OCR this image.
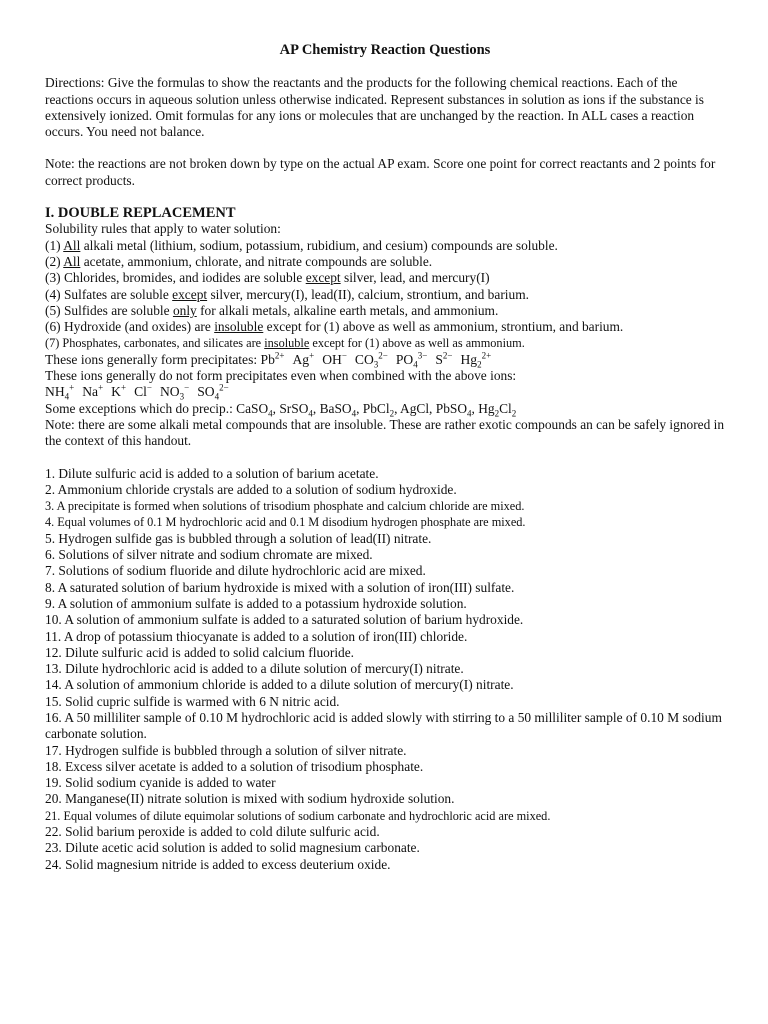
AP Chemistry Reaction Questions

Directions: Give the formulas to show the reactants and the products for the following chemical reactions. Each of the reactions occurs in aqueous solution unless otherwise indicated. Represent substances in solution as ions if the substance is extensively ionized. Omit formulas for any ions or molecules that are unchanged by the reaction. In ALL cases a reaction occurs. You need not balance.

Note: the reactions are not broken down by type on the actual AP exam. Score one point for correct reactants and 2 points for correct products.

I. DOUBLE REPLACEMENT

Solubility rules that apply to water solution:

(1) All alkali metal (lithium, sodium, potassium, rubidium, and cesium) compounds are soluble.

(2) All acetate, ammonium, chlorate, and nitrate compounds are soluble.

(3) Chlorides, bromides, and iodides are soluble except silver, lead, and mercury(I)

(4) Sulfates are soluble except silver, mercury(I), lead(II), calcium, strontium, and barium.

(5) Sulfides are soluble only for alkali metals, alkaline earth metals, and ammonium.

(6) Hydroxide (and oxides) are insoluble except for (1) above as well as ammonium, strontium, and barium.

(7) Phosphates, carbonates, and silicates are insoluble except for (1) above as well as ammonium.

These ions generally form precipitates: $Pb^{2+}$ Ag+ OH− $CO_3^{2-}$ $PO_4^{3-}$ $S^{2-}$ $Hg_2^{2+}$

These ions generally do not form precipitates even when combined with the above ions:

$NH_4^+$ Na+ K+ Cl− $NO_3^-$ $SO_4^{2-}$

Some exceptions which do precip.: CaSO$_4$, SrSO$_4$, BaSO$_4$, PbCl$_2$, AgCl, PbSO$_4$, $Hg_2Cl_2$

Note: there are some alkali metal compounds that are insoluble. These are rather exotic compounds an can be safely ignored in the context of this handout.

1. Dilute sulfuric acid is added to a solution of barium acetate.

2. Ammonium chloride crystals are added to a solution of sodium hydroxide.

3. A precipitate is formed when solutions of trisodium phosphate and calcium chloride are mixed.

4. Equal volumes of 0.1 M hydrochloric acid and 0.1 M disodium hydrogen phosphate are mixed.

5. Hydrogen sulfide gas is bubbled through a solution of lead(II) nitrate.

6. Solutions of silver nitrate and sodium chromate are mixed.

7. Solutions of sodium fluoride and dilute hydrochloric acid are mixed.

8. A saturated solution of barium hydroxide is mixed with a solution of iron(III) sulfate.

9. A solution of ammonium sulfate is added to a potassium hydroxide solution.

10. A solution of ammonium sulfate is added to a saturated solution of barium hydroxide.

11. A drop of potassium thiocyanate is added to a solution of iron(III) chloride.

12. Dilute sulfuric acid is added to solid calcium fluoride.

13. Dilute hydrochloric acid is added to a dilute solution of mercury(I) nitrate.

14. A solution of ammonium chloride is added to a dilute solution of mercury(I) nitrate.

15. Solid cupric sulfide is warmed with 6 N nitric acid.

16. A 50 milliliter sample of 0.10 M hydrochloric acid is added slowly with stirring to a 50 milliliter sample of 0.10 M sodium carbonate solution.

17. Hydrogen sulfide is bubbled through a solution of silver nitrate.

18. Excess silver acetate is added to a solution of trisodium phosphate.

19. Solid sodium cyanide is added to water

20. Manganese(II) nitrate solution is mixed with sodium hydroxide solution.

21. Equal volumes of dilute equimolar solutions of sodium carbonate and hydrochloric acid are mixed.

22. Solid barium peroxide is added to cold dilute sulfuric acid.

23. Dilute acetic acid solution is added to solid magnesium carbonate.

24. Solid magnesium nitride is added to excess deuterium oxide.
